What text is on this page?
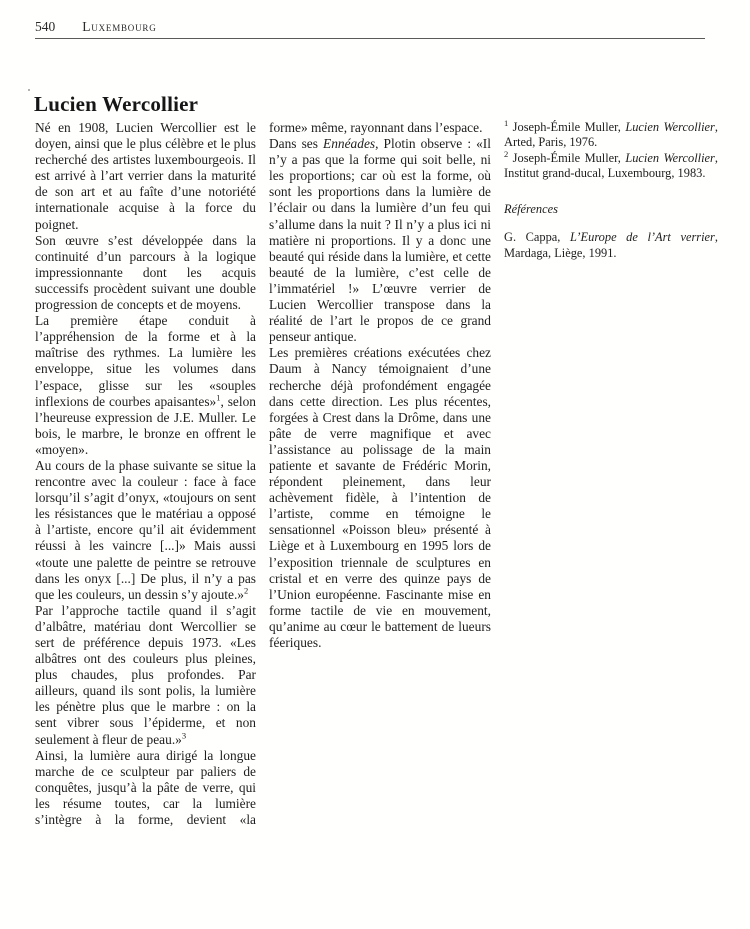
540 Luxembourg
Lucien Wercollier

Né en 1908, Lucien Wercollier est le doyen, ainsi que le plus célèbre et le plus recherché des artistes luxembourgeois. Il est arrivé à l’art verrier dans la maturité de son art et au faîte d’une notoriété internationale acquise à la force du poignet.

Son œuvre s’est développée dans la continuité d’un parcours à la logique impressionnante dont les acquis successifs procèdent suivant une double progression de concepts et de moyens.

La première étape conduit à l’appréhension de la forme et à la maîtrise des rythmes. La lumière les enveloppe, situe les volumes dans l’espace, glisse sur les «souples inflexions de courbes apaisantes»$^1$, selon l’heureuse expression de J.E. Muller. Le bois, le marbre, le bronze en offrent le «moyen».

Au cours de la phase suivante se situe la rencontre avec la couleur : face à face lorsqu’il s’agit d’onyx, «toujours on sent les résistances que le matériau a opposé à l’artiste, encore qu’il ait évidemment réussi à les vaincre [...]» Mais aussi «toute une palette de peintre se retrouve dans les onyx [...] De plus, il n’y a pas que les couleurs, un dessin s’y ajoute.»$^2$

Par l’approche tactile quand il s’agit d’albâtre, matériau dont Wercollier se sert de préférence depuis 1973. «Les albâtres ont des couleurs plus pleines, plus chaudes, plus profondes. Par ailleurs, quand ils sont polis, la lumière les pénètre plus que le marbre : on la sent vibrer sous l’épiderme, et non seulement à fleur de peau.»$^3$

Ainsi, la lumière aura dirigé la longue marche de ce sculpteur par paliers de conquêtes, jusqu’à la pâte de verre, qui les résume toutes, car la lumière s’intègre à la forme, devient «la

forme» même, rayonnant dans l’espace.

Dans ses Ennéades, Plotin observe : «Il n’y a pas que la forme qui soit belle, ni les proportions; car où est la forme, où sont les proportions dans la lumière de l’éclair ou dans la lumière d’un feu qui s’allume dans la nuit ? Il n’y a plus ici ni matière ni proportions. Il y a donc une beauté qui réside dans la lumière, et cette beauté de la lumière, c’est celle de l’immatériel !» L’œuvre verrier de Lucien Wercollier transpose dans la réalité de l’art le propos de ce grand penseur antique.

Les premières créations exécutées chez Daum à Nancy témoignaient d’une recherche déjà profondément engagée dans cette direction. Les plus récentes, forgées à Crest dans la Drôme, dans une pâte de verre magnifique et avec l’assistance au polissage de la main patiente et savante de Frédéric Morin, répondent pleinement, dans leur achèvement fidèle, à l’intention de l’artiste, comme en témoigne le sensationnel «Poisson bleu» présenté à Liège et à Luxembourg en 1995 lors de l’exposition triennale de sculptures en cristal et en verre des quinze pays de l’Union européenne. Fascinante mise en forme tactile de vie en mouvement, qu’anime au cœur le battement de lueurs féeriques.

$^1$ Joseph-Émile Muller, Lucien Wercollier, Arted, Paris, 1976.

$^2$ Joseph-Émile Muller, Lucien Wercollier, Institut grand-ducal, Luxembourg, 1983.

Références

G. Cappa, L’Europe de l’Art verrier, Mardaga, Liège, 1991.
